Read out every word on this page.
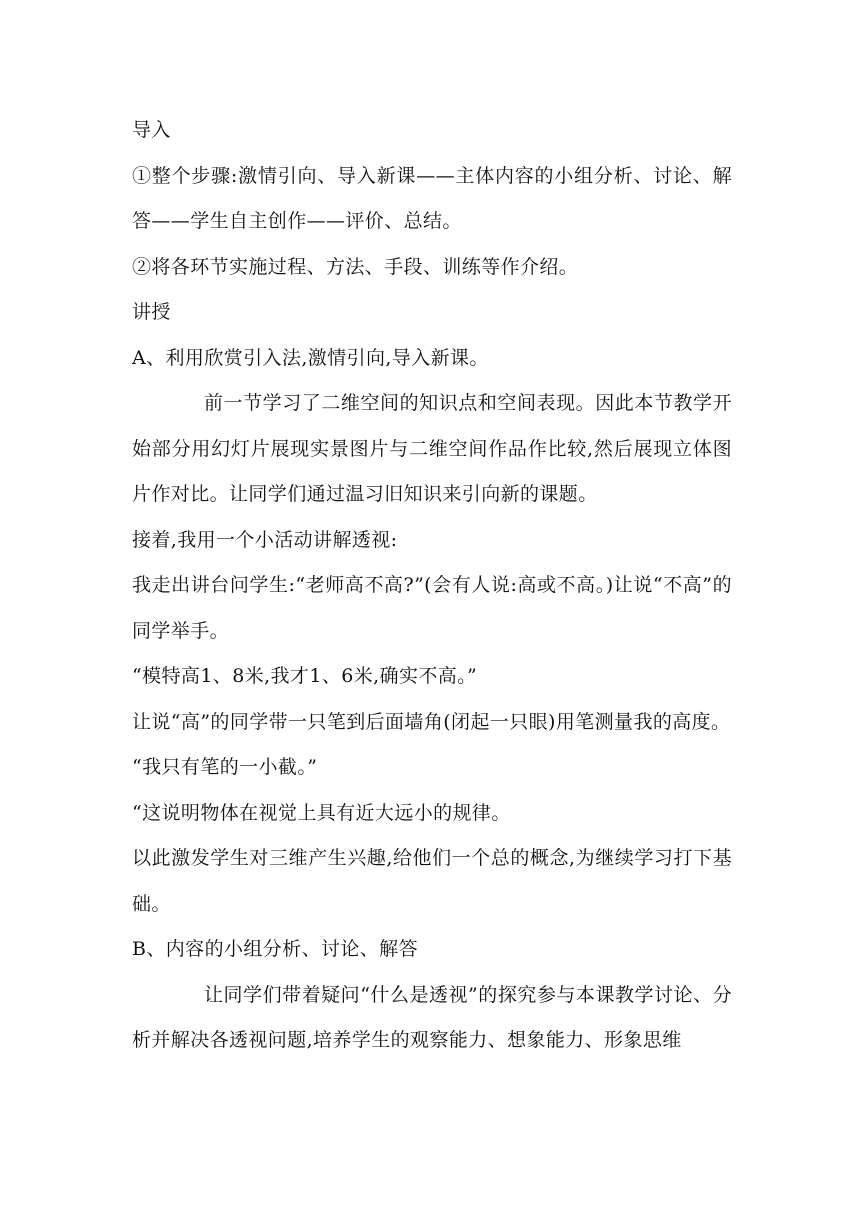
导入

①整个步骤:激情引向、导入新课——主体内容的小组分析、讨论、解答——学生自主创作——评价、总结。

②将各环节实施过程、方法、手段、训练等作介绍。

讲授

A、利用欣赏引入法,激情引向,导入新课。

前一节学习了二维空间的知识点和空间表现。因此本节教学开始部分用幻灯片展现实景图片与二维空间作品作比较,然后展现立体图片作对比。让同学们通过温习旧知识来引向新的课题。

接着,我用一个小活动讲解透视:

我走出讲台问学生:“老师高不高?”(会有人说:高或不高。)让说“不高”的同学举手。

“模特高1、8米,我才1、6米,确实不高。”

让说“高”的同学带一只笔到后面墙角(闭起一只眼)用笔测量我的高度。

“我只有笔的一小截。”

“这说明物体在视觉上具有近大远小的规律。

以此激发学生对三维产生兴趣,给他们一个总的概念,为继续学习打下基础。

B、内容的小组分析、讨论、解答

让同学们带着疑问“什么是透视”的探究参与本课教学讨论、分析并解决各透视问题,培养学生的观察能力、想象能力、形象思维
